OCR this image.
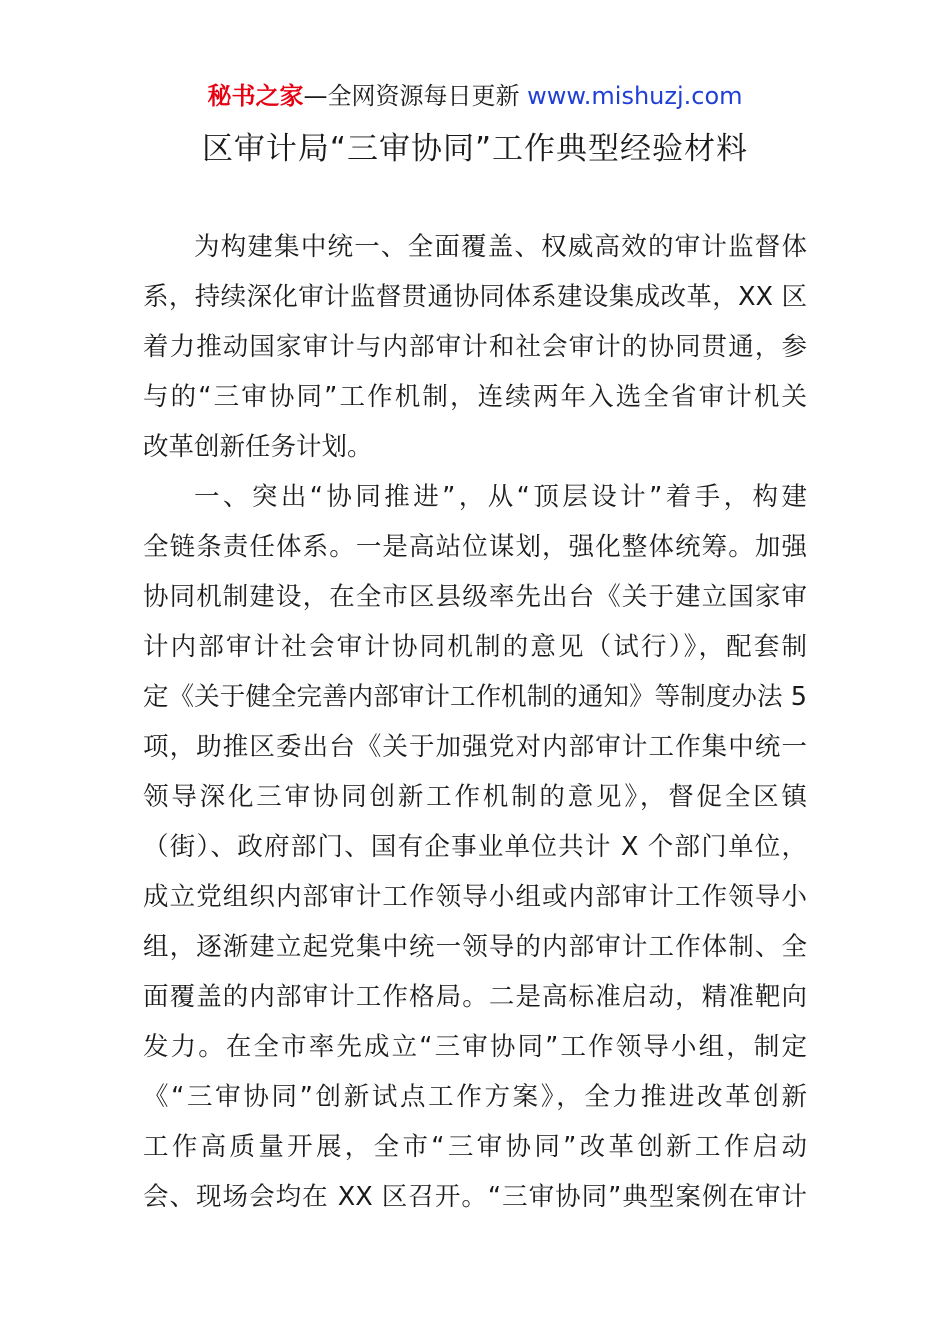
秘书之家—全网资源每日更新 www.mishuzj.com
区审计局“三审协同”工作典型经验材料
为构建集中统一、全面覆盖、权威高效的审计监督体
系，持续深化审计监督贯通协同体系建设集成改革，XX 区
着力推动国家审计与内部审计和社会审计的协同贯通，参
与的“三审协同”工作机制，连续两年入选全省审计机关
改革创新任务计划。
一、突出“协同推进”，从“顶层设计”着手，构建
全链条责任体系。一是高站位谋划，强化整体统筹。加强
协同机制建设，在全市区县级率先出台《关于建立国家审
计内部审计社会审计协同机制的意见（试行）》，配套制
定《关于健全完善内部审计工作机制的通知》等制度办法 5
项，助推区委出台《关于加强党对内部审计工作集中统一
领导深化三审协同创新工作机制的意见》，督促全区镇
（街）、政府部门、国有企事业单位共计 X 个部门单位，
成立党组织内部审计工作领导小组或内部审计工作领导小
组，逐渐建立起党集中统一领导的内部审计工作体制、全
面覆盖的内部审计工作格局。二是高标准启动，精准靶向
发力。在全市率先成立“三审协同”工作领导小组，制定
《“三审协同”创新试点工作方案》，全力推进改革创新
工作高质量开展，全市“三审协同”改革创新工作启动
会、现场会均在 XX 区召开。“三审协同”典型案例在审计
